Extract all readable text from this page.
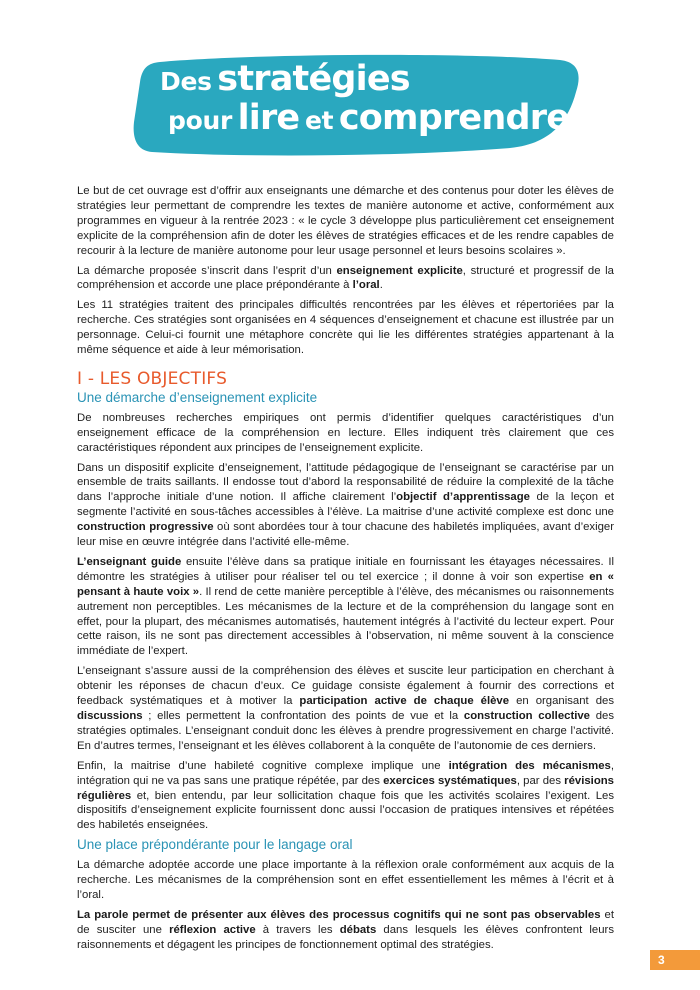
Des stratégies
pour lire et comprendre

Le but de cet ouvrage est d’offrir aux enseignants une démarche et des contenus pour doter les élèves de stratégies leur permettant de comprendre les textes de manière autonome et active, conformément aux programmes en vigueur à la rentrée 2023 : « le cycle 3 développe plus particulièrement cet enseignement explicite de la compréhension afin de doter les élèves de stratégies efficaces et de les rendre capables de recourir à la lecture de manière autonome pour leur usage personnel et leurs besoins scolaires ».

La démarche proposée s’inscrit dans l’esprit d’un enseignement explicite, structuré et progressif de la compréhension et accorde une place prépondérante à l’oral.

Les 11 stratégies traitent des principales difficultés rencontrées par les élèves et répertoriées par la recherche. Ces stratégies sont organisées en 4 séquences d’enseignement et chacune est illustrée par un personnage. Celui-ci fournit une métaphore concrète qui lie les différentes stratégies appartenant à la même séquence et aide à leur mémorisation.

I - LES OBJECTIFS
Une démarche d’enseignement explicite

De nombreuses recherches empiriques ont permis d’identifier quelques caractéristiques d’un enseignement efficace de la compréhension en lecture. Elles indiquent très clairement que ces caractéristiques répondent aux principes de l’enseignement explicite.

Dans un dispositif explicite d’enseignement, l’attitude pédagogique de l’enseignant se caractérise par un ensemble de traits saillants. Il endosse tout d’abord la responsabilité de réduire la complexité de la tâche dans l’approche initiale d’une notion. Il affiche clairement l’objectif d’apprentissage de la leçon et segmente l’activité en sous-tâches accessibles à l’élève. La maitrise d’une activité complexe est donc une construction progressive où sont abordées tour à tour chacune des habiletés impliquées, avant d’exiger leur mise en œuvre intégrée dans l’activité elle-même.

L’enseignant guide ensuite l’élève dans sa pratique initiale en fournissant les étayages nécessaires. Il démontre les stratégies à utiliser pour réaliser tel ou tel exercice ; il donne à voir son expertise en « pensant à haute voix ». Il rend de cette manière perceptible à l’élève, des mécanismes ou raisonnements autrement non perceptibles. Les mécanismes de la lecture et de la compréhension du langage sont en effet, pour la plupart, des mécanismes automatisés, hautement intégrés à l’activité du lecteur expert. Pour cette raison, ils ne sont pas directement accessibles à l’observation, ni même souvent à la conscience immédiate de l’expert.

L’enseignant s’assure aussi de la compréhension des élèves et suscite leur participation en cherchant à obtenir les réponses de chacun d’eux. Ce guidage consiste également à fournir des corrections et feedback systématiques et à motiver la participation active de chaque élève en organisant des discussions ; elles permettent la confrontation des points de vue et la construction collective des stratégies optimales. L’enseignant conduit donc les élèves à prendre progressivement en charge l’activité. En d’autres termes, l’enseignant et les élèves collaborent à la conquête de l’autonomie de ces derniers.

Enfin, la maitrise d’une habileté cognitive complexe implique une intégration des mécanismes, intégration qui ne va pas sans une pratique répétée, par des exercices systématiques, par des révisions régulières et, bien entendu, par leur sollicitation chaque fois que les activités scolaires l’exigent. Les dispositifs d’enseignement explicite fournissent donc aussi l’occasion de pratiques intensives et répétées des habiletés enseignées.

Une place prépondérante pour le langage oral

La démarche adoptée accorde une place importante à la réflexion orale conformément aux acquis de la recherche. Les mécanismes de la compréhension sont en effet essentiellement les mêmes à l’écrit et à l’oral.

La parole permet de présenter aux élèves des processus cognitifs qui ne sont pas observables et de susciter une réflexion active à travers les débats dans lesquels les élèves confrontent leurs raisonnements et dégagent les principes de fonctionnement optimal des stratégies.

3
